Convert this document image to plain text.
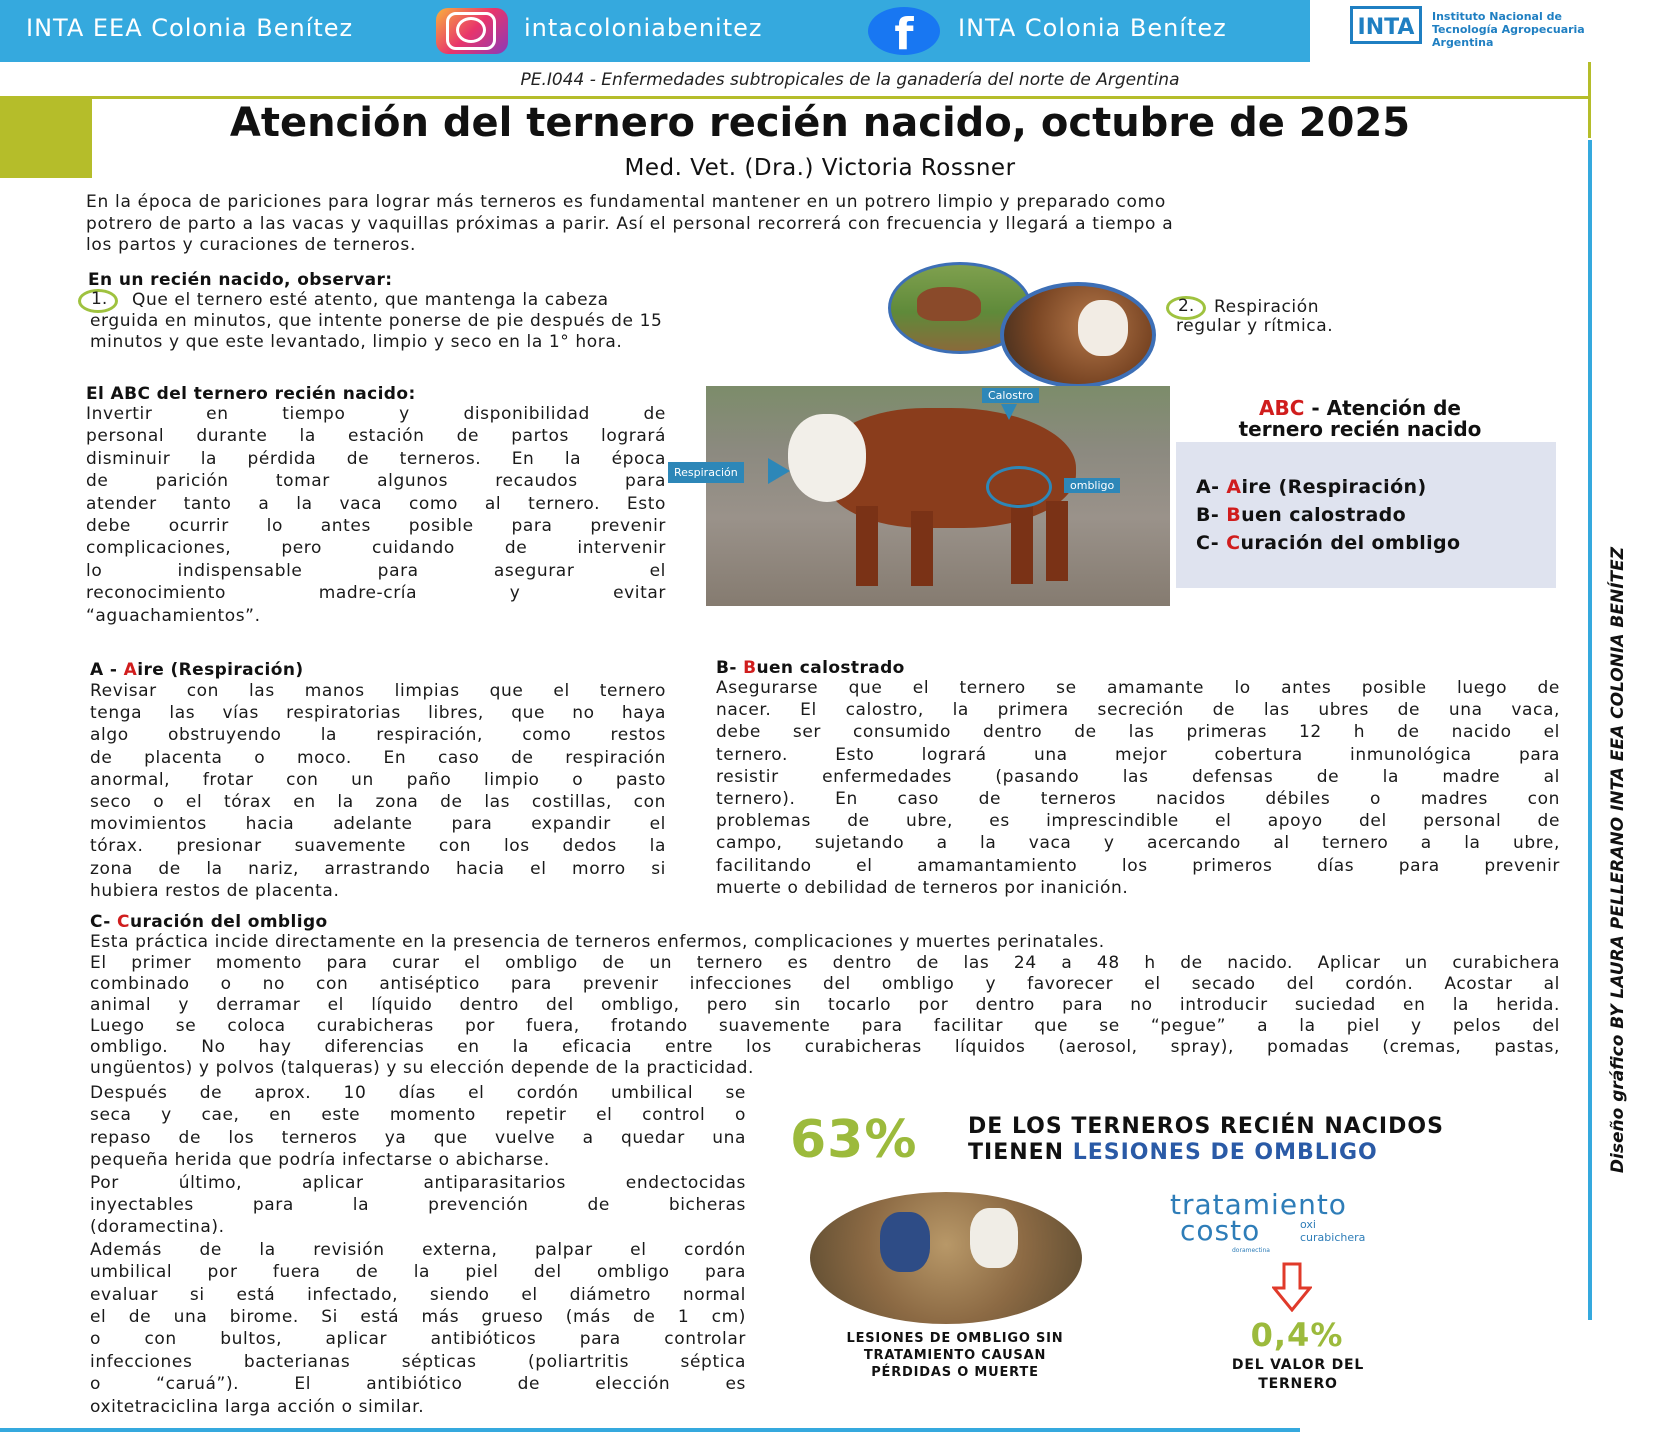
INTA EEA Colonia Benítez	intacoloniabenitez	f	INTA Colonia Benítez	INTA	Instituto Nacional de
Tecnología Agropecuaria
Argentina
PE.I044 - Enfermedades subtropicales de la ganadería del norte de Argentina
Diseño gráfico BY LAURA PELLERANO INTA EEA COLONIA BENÍTEZ
Atención del ternero recién nacido, octubre de 2025
Med. Vet. (Dra.) Victoria Rossner
En la época de pariciones para lograr más terneros es fundamental mantener en un potrero limpio y preparado como
potrero de parto a las vacas y vaquillas próximas a parir. Así el personal recorrerá con frecuencia y llegará a tiempo a
los partos y curaciones de terneros.
En un recién nacido, observar:
1.	Que el ternero esté atento, que mantenga la cabeza
erguida en minutos, que intente ponerse de pie después de 15
minutos y que este levantado, limpio y seco en la 1° hora.
2.	Respiración
regular y rítmica.
El ABC del ternero recién nacido:
Invertir en tiempo y disponibilidad de
personal durante la estación de partos logrará
disminuir la pérdida de terneros. En la época
de parición tomar algunos recaudos para
atender tanto a la vaca como al ternero. Esto
debe ocurrir lo antes posible para prevenir
complicaciones, pero cuidando de intervenir
lo indispensable para asegurar el
reconocimiento madre-cría y evitar
“aguachamientos”.
Calostro
ombligo
Respiración
ABC - Atención de
ternero recién nacido
A- Aire (Respiración)
B- Buen calostrado
C- Curación del ombligo
A - Aire (Respiración)
Revisar con las manos limpias que el ternero
tenga las vías respiratorias libres, que no haya
algo obstruyendo la respiración, como restos
de placenta o moco. En caso de respiración
anormal, frotar con un paño limpio o pasto
seco o el tórax en la zona de las costillas, con
movimientos hacia adelante para expandir el
tórax. presionar suavemente con los dedos la
zona de la nariz, arrastrando hacia el morro si
hubiera restos de placenta.
B- Buen calostrado
Asegurarse que el ternero se amamante lo antes posible luego de
nacer. El calostro, la primera secreción de las ubres de una vaca,
debe ser consumido dentro de las primeras 12 h de nacido el
ternero. Esto logrará una mejor cobertura inmunológica para
resistir enfermedades (pasando las defensas de la madre al
ternero). En caso de terneros nacidos débiles o madres con
problemas de ubre, es imprescindible el apoyo del personal de
campo, sujetando a la vaca y acercando al ternero a la ubre,
facilitando el amamantamiento los primeros días para prevenir
muerte o debilidad de terneros por inanición.
C- Curación del ombligo
Esta práctica incide directamente en la presencia de terneros enfermos, complicaciones y muertes perinatales.
El primer momento para curar el ombligo de un ternero es dentro de las 24 a 48 h de nacido. Aplicar un curabichera
combinado o no con antiséptico para prevenir infecciones del ombligo y favorecer el secado del cordón. Acostar al
animal y derramar el líquido dentro del ombligo, pero sin tocarlo por dentro para no introducir suciedad en la herida.
Luego se coloca curabicheras por fuera, frotando suavemente para facilitar que se “pegue” a la piel y pelos del
ombligo. No hay diferencias en la eficacia entre los curabicheras líquidos (aerosol, spray), pomadas (cremas, pastas,
ungüentos) y polvos (talqueras) y su elección depende de la practicidad.
Después de aprox. 10 días el cordón umbilical se
seca y cae, en este momento repetir el control o
repaso de los terneros ya que vuelve a quedar una
pequeña herida que podría infectarse o abicharse.
Por último, aplicar antiparasitarios endectocidas
inyectables para la prevención de bicheras
(doramectina).
Además de la revisión externa, palpar el cordón
umbilical por fuera de la piel del ombligo para
evaluar si está infectado, siendo el diámetro normal
el de una birome. Si está más grueso (más de 1 cm)
o con bultos, aplicar antibióticos para controlar
infecciones bacterianas sépticas (poliartritis séptica
o “caruá”). El antibiótico de elección es
oxitetraciclina larga acción o similar.
63% DE LOS TERNEROS RECIÉN NACIDOS
TIENEN LESIONES DE OMBLIGO
LESIONES DE OMBLIGO SIN
TRATAMIENTO CAUSAN
PÉRDIDAS O MUERTE
tratamiento
costo	oxi
curabichera
doramectina
0,4%
DEL VALOR DEL
TERNERO
